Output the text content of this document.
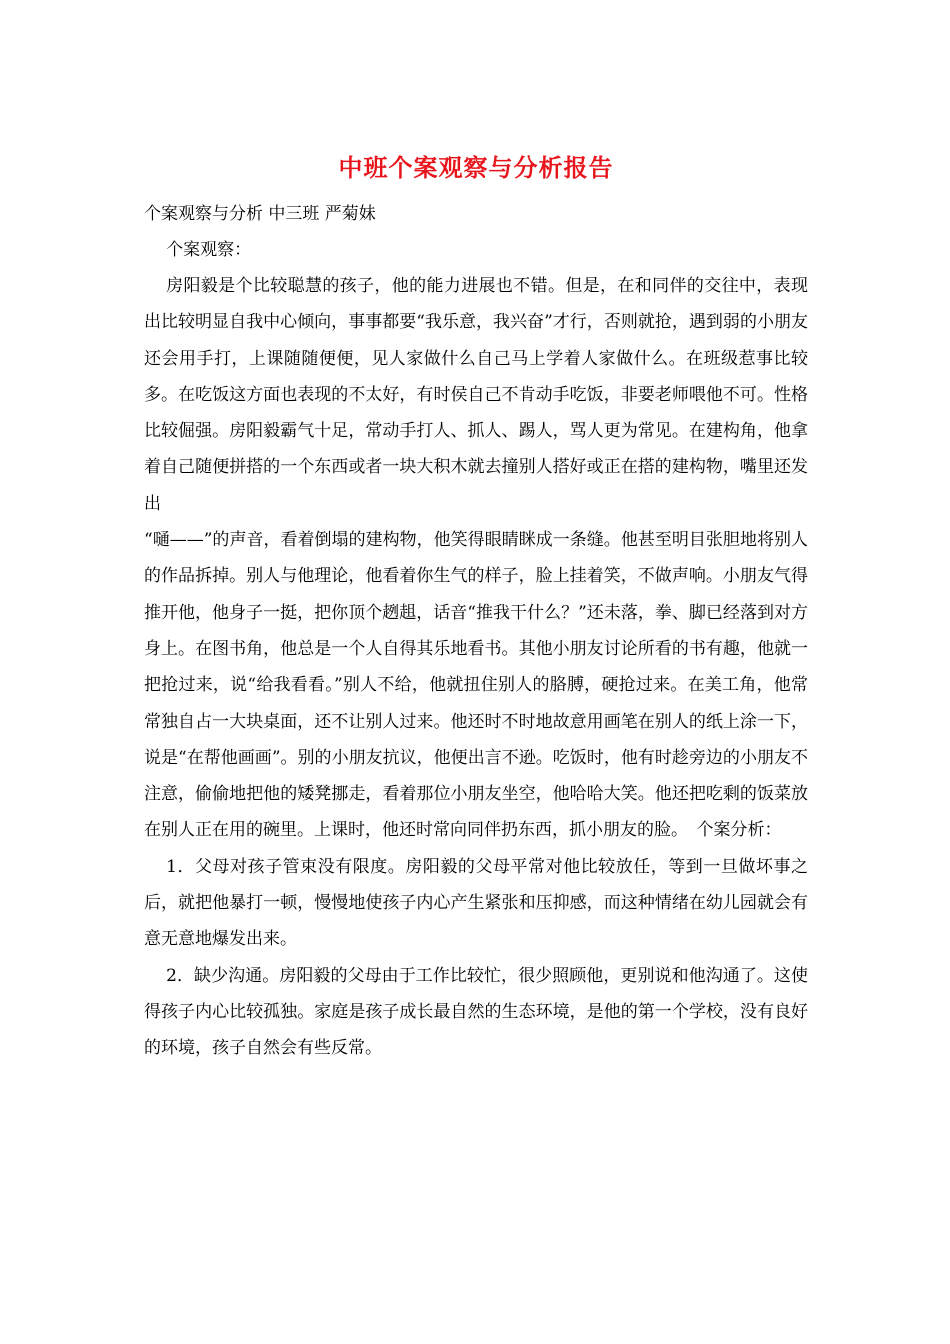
中班个案观察与分析报告

个案观察与分析 中三班 严菊妹

个案观察：

房阳毅是个比较聪慧的孩子，他的能力进展也不错。但是，在和同伴的交往中，表现出比较明显自我中心倾向，事事都要“我乐意，我兴奋”才行，否则就抢，遇到弱的小朋友还会用手打，上课随随便便，见人家做什么自己马上学着人家做什么。在班级惹事比较多。在吃饭这方面也表现的不太好，有时侯自己不肯动手吃饭，非要老师喂他不可。性格比较倔强。房阳毅霸气十足，常动手打人、抓人、踢人，骂人更为常见。在建构角，他拿着自己随便拼搭的一个东西或者一块大积木就去撞别人搭好或正在搭的建构物，嘴里还发出

“嗵——”的声音，看着倒塌的建构物，他笑得眼睛眯成一条缝。他甚至明目张胆地将别人的作品拆掉。别人与他理论，他看着你生气的样子，脸上挂着笑，不做声响。小朋友气得推开他，他身子一挺，把你顶个趔趄，话音“推我干什么？”还未落，拳、脚已经落到对方身上。在图书角，他总是一个人自得其乐地看书。其他小朋友讨论所看的书有趣，他就一把抢过来，说“给我看看。”别人不给，他就扭住别人的胳膊，硬抢过来。在美工角，他常常独自占一大块桌面，还不让别人过来。他还时不时地故意用画笔在别人的纸上涂一下，说是“在帮他画画”。别的小朋友抗议，他便出言不逊。吃饭时，他有时趁旁边的小朋友不注意，偷偷地把他的矮凳挪走，看着那位小朋友坐空，他哈哈大笑。他还把吃剩的饭菜放在别人正在用的碗里。上课时，他还时常向同伴扔东西，抓小朋友的脸。　 个案分析：

1．父母对孩子管束没有限度。房阳毅的父母平常对他比较放任，等到一旦做坏事之后，就把他暴打一顿，慢慢地使孩子内心产生紧张和压抑感，而这种情绪在幼儿园就会有意无意地爆发出来。

2．缺少沟通。房阳毅的父母由于工作比较忙，很少照顾他，更别说和他沟通了。这使得孩子内心比较孤独。家庭是孩子成长最自然的生态环境，是他的第一个学校，没有良好的环境，孩子自然会有些反常。
